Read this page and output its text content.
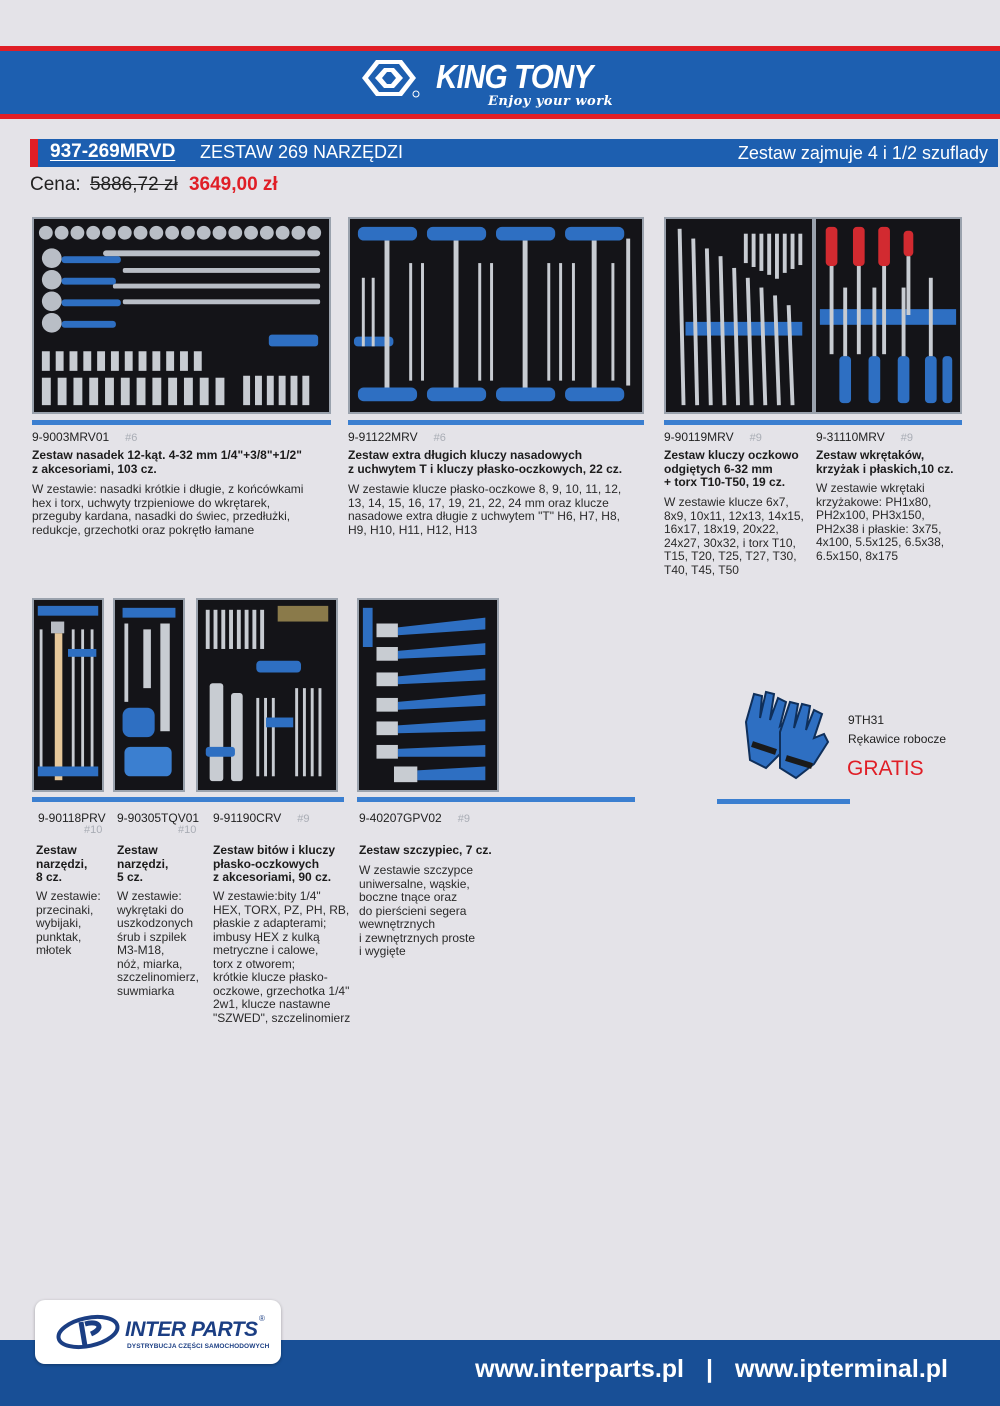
KING TONY
Enjoy your work
937-269MRVD ZESTAW 269 NARZĘDZI	Zestaw zajmuje 4 i 1/2 szuflady
Cena: 5886,72 zł 3649,00 zł
9-9003MRV01 #6
Zestaw nasadek 12-kąt. 4-32 mm 1/4"+3/8"+1/2"
z akcesoriami, 103 cz.
W zestawie: nasadki krótkie i długie, z końcówkami
hex i torx, uchwyty trzpieniowe do wkrętarek,
przeguby kardana, nasadki do świec, przedłużki,
redukcje, grzechotki oraz pokrętło łamane
9-91122MRV #6
Zestaw extra długich kluczy nasadowych
z uchwytem T i kluczy płasko-oczkowych, 22 cz.
W zestawie klucze płasko-oczkowe 8, 9, 10, 11, 12,
13, 14, 15, 16, 17, 19, 21, 22, 24 mm oraz klucze
nasadowe extra długie z uchwytem "T" H6, H7, H8,
H9, H10, H11, H12, H13
9-90119MRV #9
Zestaw kluczy oczkowo
odgiętych 6-32 mm
+ torx T10-T50, 19 cz.
W zestawie klucze 6x7,
8x9, 10x11, 12x13, 14x15,
16x17, 18x19, 20x22,
24x27, 30x32, i torx T10,
T15, T20, T25, T27, T30,
T40, T45, T50
9-31110MRV #9
Zestaw wkrętaków,
krzyżak i płaskich,10 cz.
W zestawie wkrętaki
krzyżakowe: PH1x80,
PH2x100, PH3x150,
PH2x38 i płaskie: 3x75,
4x100, 5.5x125, 6.5x38,
6.5x150, 8x175
9-90118PRV
#10
Zestaw
narzędzi,
8 cz.
W zestawie:
przecinaki,
wybijaki,
punktak,
młotek
9-90305TQV01
#10
Zestaw
narzędzi,
5 cz.
W zestawie:
wykrętaki do
uszkodzonych
śrub i szpilek
M3-M18,
nóż, miarka,
szczelinomierz,
suwmiarka
9-91190CRV #9
Zestaw bitów i kluczy
płasko-oczkowych
z akcesoriami, 90 cz.
W zestawie:bity 1/4"
HEX, TORX, PZ, PH, RB,
płaskie z adapterami;
imbusy HEX z kulką
metryczne i calowe,
torx z otworem;
krótkie klucze płasko-
oczkowe, grzechotka 1/4"
2w1, klucze nastawne
"SZWED", szczelinomierz
9-40207GPV02 #9
Zestaw szczypiec, 7 cz.
W zestawie szczypce
uniwersalne, wąskie,
boczne tnące oraz
do pierścieni segera
wewnętrznych
i zewnętrznych proste
i wygięte
9TH31
Rękawice robocze
GRATIS
www.interparts.pl | www.ipterminal.pl
INTER PARTS ®
DYSTRYBUCJA CZĘŚCI SAMOCHODOWYCH
